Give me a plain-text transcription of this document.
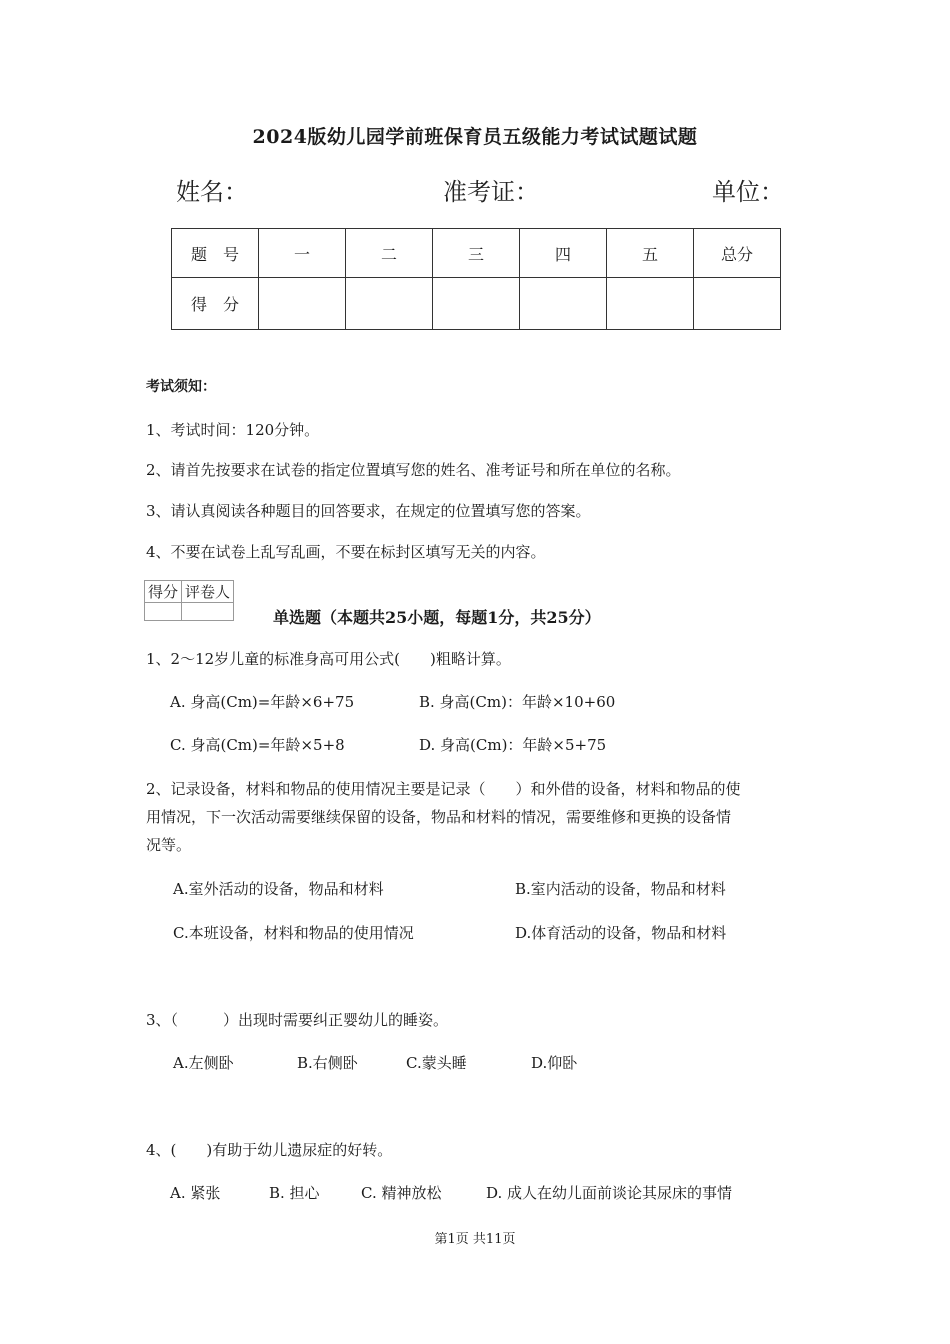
2024版幼儿园学前班保育员五级能力考试试题试题
姓名：	准考证：	单位：
题　号	一	二	三	四	五	总分
得　分						
考试须知：
1、考试时间：120分钟。
2、请首先按要求在试卷的指定位置填写您的姓名、准考证号和所在单位的名称。
3、请认真阅读各种题目的回答要求，在规定的位置填写您的答案。
4、不要在试卷上乱写乱画，不要在标封区填写无关的内容。
得分	评卷人

单选题（本题共25小题，每题1分，共25分）
1、2～12岁儿童的标准身高可用公式(　　)粗略计算。
A. 身高(Cm)=年龄×6+75	B. 身高(Cm)：年龄×10+60
C. 身高(Cm)=年龄×5+8	D. 身高(Cm)：年龄×5+75
2、记录设备，材料和物品的使用情况主要是记录（　　）和外借的设备，材料和物品的使
用情况，下一次活动需要继续保留的设备，物品和材料的情况，需要维修和更换的设备情
况等。
A.室外活动的设备，物品和材料	B.室内活动的设备，物品和材料
C.本班设备，材料和物品的使用情况	D.体育活动的设备，物品和材料
3、（　　　）出现时需要纠正婴幼儿的睡姿。
A.左侧卧	B.右侧卧	C.蒙头睡	D.仰卧
4、(　　)有助于幼儿遗尿症的好转。
A. 紧张	B. 担心	C. 精神放松	D. 成人在幼儿面前谈论其尿床的事情
第1页 共11页
